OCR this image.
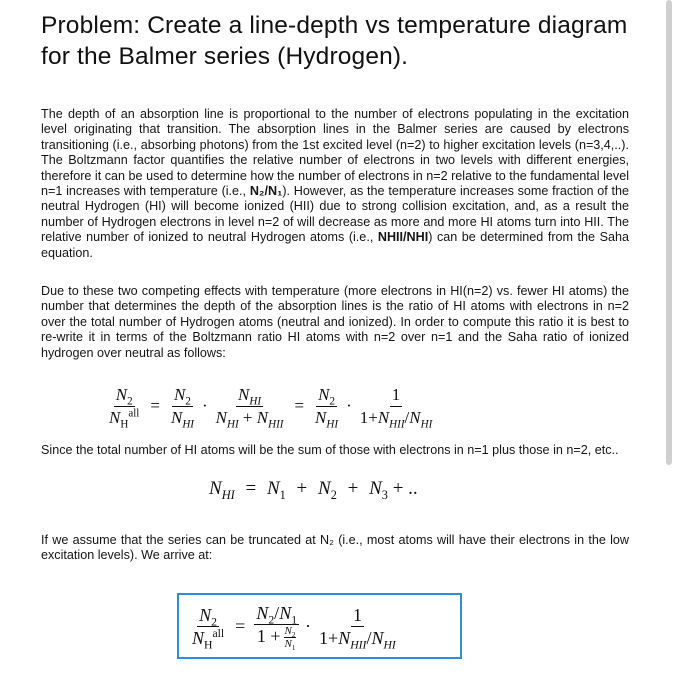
Problem: Create a line-depth vs temperature diagram for the Balmer series (Hydrogen).

The depth of an absorption line is proportional to the number of electrons populating in the excitation level originating that transition. The absorption lines in the Balmer series are caused by electrons transitioning (i.e., absorbing photons) from the 1st excited level (n=2) to higher excitation levels (n=3,4,..). The Boltzmann factor quantifies the relative number of electrons in two levels with different energies, therefore it can be used to determine how the number of electrons in n=2 relative to the fundamental level n=1 increases with temperature (i.e., N₂/N₁). However, as the temperature increases some fraction of the neutral Hydrogen (HI) will become ionized (HII) due to strong collision excitation, and, as a result the number of Hydrogen electrons in level n=2 of will decrease as more and more HI atoms turn into HII. The relative number of ionized to neutral Hydrogen atoms (i.e., NHII/NHI) can be determined from the Saha equation.

Due to these two competing effects with temperature (more electrons in HI(n=2) vs. fewer HI atoms) the number that determines the depth of the absorption lines is the ratio of HI atoms with electrons in n=2 over the total number of Hydrogen atoms (neutral and ionized). In order to compute this ratio it is best to re-write it in terms of the Boltzmann ratio HI atoms with n=2 over n=1 and the Saha ratio of ionized hydrogen over neutral as follows:

$\frac{N_2}{N_H^{all}} = \frac{N_2}{N_{HI}} \cdot \frac{N_{HI}}{N_{HI} + N_{HII}} = \frac{N_2}{N_{HI}} \cdot \frac{1}{1+N_{HII}/N_{HI}}$

Since the total number of HI atoms will be the sum of those with electrons in n=1 plus those in n=2, etc..

$N_{HI} = N_1 + N_2 + N_3$ + ..

If we assume that the series can be truncated at N₂ (i.e., most atoms will have their electrons in the low excitation levels). We arrive at:

$\frac{N_2}{N_H^{all}} = \frac{N_2/N_1}{1 + \frac{N_2}{N_1}} \cdot \frac{1}{1+N_{HII}/N_{HI}}$
